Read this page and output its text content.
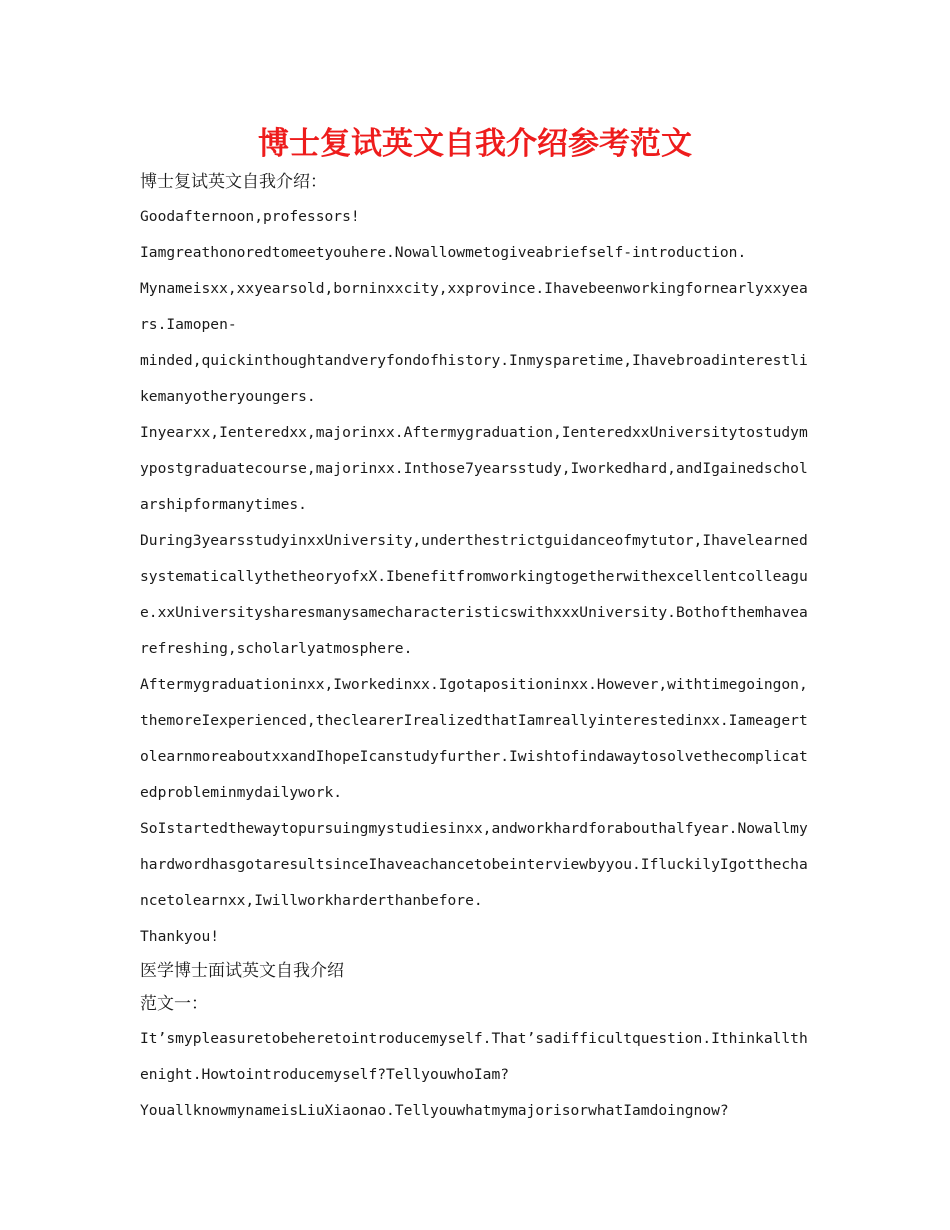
博士复试英文自我介绍参考范文

博士复试英文自我介绍：

Goodafternoon,professors!

Iamgreathonoredtomeetyouhere.Nowallowmetogiveabriefself-introduction.

Mynameisxx,xxyearsold,borninxxcity,xxprovince.Ihavebeenworkingfornearlyxxyears.Iamopen-

minded,quickinthoughtandveryfondofhistory.Inmysparetime,Ihavebroadinterestlikemanyotheryoungers.

Inyearxx,Ienteredxx,majorinxx.Aftermygraduation,IenteredxxUniversitytostudymypostgraduatecourse,majorinxx.Inthose7yearsstudy,Iworkedhard,andIgainedscholarshipformanytimes.

During3yearsstudyinxxUniversity,underthestrictguidanceofmytutor,IhavelearnedsystematicallythetheoryofxX.Ibenefitfromworkingtogetherwithexcellentcolleague.xxUniversitysharesmanysamecharacteristicswithxxxUniversity.Bothofthemhavearefreshing,scholarlyatmosphere.

Aftermygraduationinxx,Iworkedinxx.Igotapositioninxx.However,withtimegoingon,themoreIexperienced,theclearerIrealizedthatIamreallyinterestedinxx.IameagertolearnmoreaboutxxandIhopeIcanstudyfurther.Iwishtofindawaytosolvethecomplicatedprobleminmydailywork.

SoIstartedthewaytopursuingmystudiesinxx,andworkhardforabouthalfyear.NowallmyhardwordhasgotaresultsinceIhaveachancetobeinterviewbyyou.IfluckilyIgotthechancetolearnxx,Iwillworkharderthanbefore.

Thankyou!

医学博士面试英文自我介绍

范文一：

It’smypleasuretobeheretointroducemyself.That’sadifficultquestion.Ithinkallthenight.Howtointroducemyself?TellyouwhoIam?

YouallknowmynameisLiuXiaonao.TellyouwhatmymajorisorwhatIamdoingnow?
